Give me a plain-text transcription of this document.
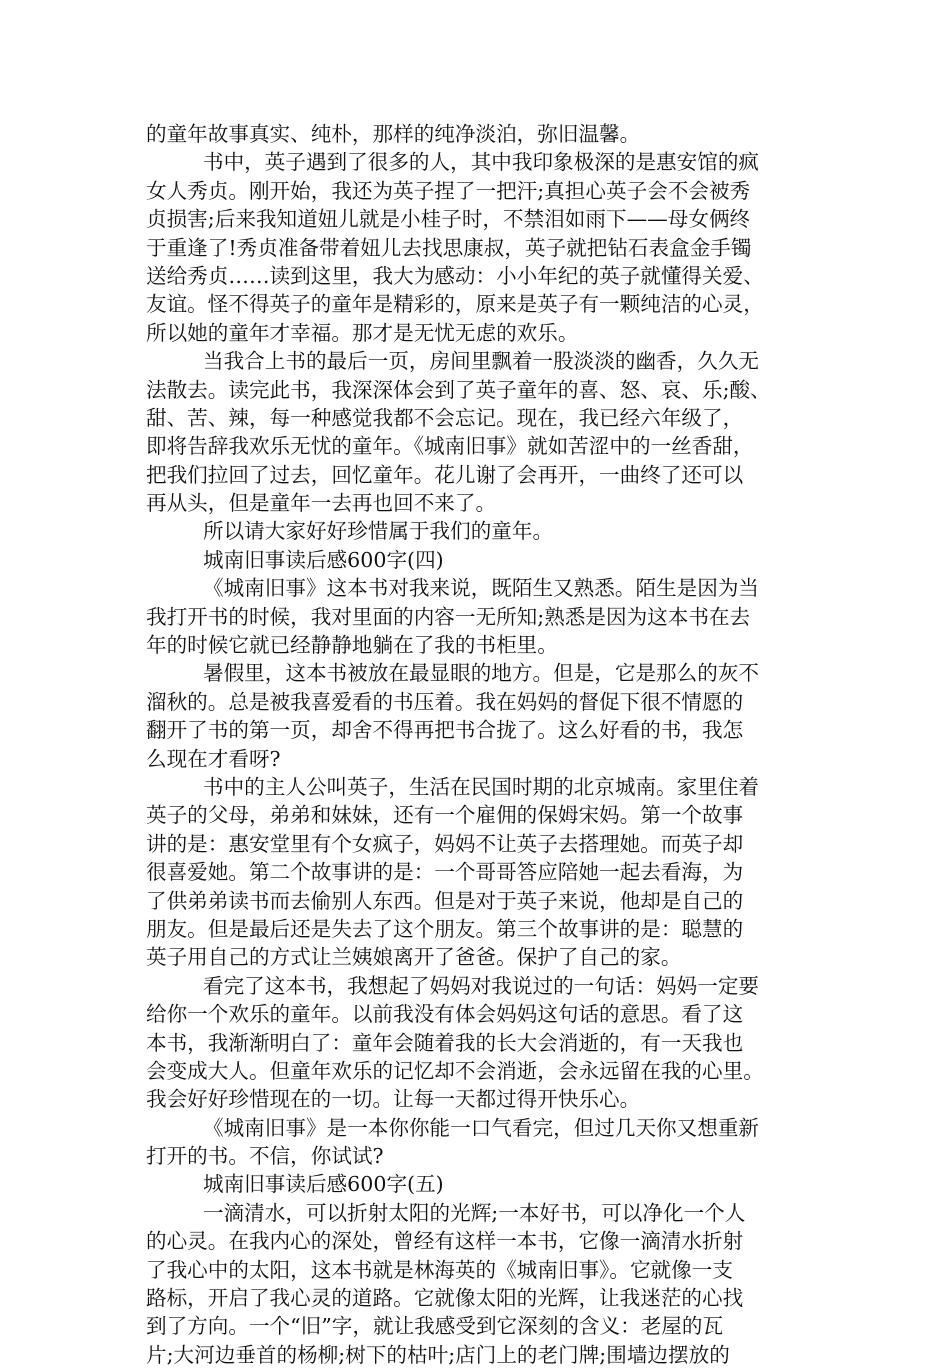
的童年故事真实、纯朴，那样的纯净淡泊，弥旧温馨。
书中，英子遇到了很多的人，其中我印象极深的是惠安馆的疯
女人秀贞。刚开始，我还为英子捏了一把汗;真担心英子会不会被秀
贞损害;后来我知道妞儿就是小桂子时，不禁泪如雨下——母女俩终
于重逢了!秀贞准备带着妞儿去找思康叔，英子就把钻石表盒金手镯
送给秀贞……读到这里，我大为感动：小小年纪的英子就懂得关爱、
友谊。怪不得英子的童年是精彩的，原来是英子有一颗纯洁的心灵，
所以她的童年才幸福。那才是无忧无虑的欢乐。
当我合上书的最后一页，房间里飘着一股淡淡的幽香，久久无
法散去。读完此书，我深深体会到了英子童年的喜、怒、哀、乐;酸、
甜、苦、辣，每一种感觉我都不会忘记。现在，我已经六年级了，
即将告辞我欢乐无忧的童年。《城南旧事》就如苦涩中的一丝香甜，
把我们拉回了过去，回忆童年。花儿谢了会再开，一曲终了还可以
再从头，但是童年一去再也回不来了。
所以请大家好好珍惜属于我们的童年。
城南旧事读后感600字(四)
《城南旧事》这本书对我来说，既陌生又熟悉。陌生是因为当
我打开书的时候，我对里面的内容一无所知;熟悉是因为这本书在去
年的时候它就已经静静地躺在了我的书柜里。
暑假里，这本书被放在最显眼的地方。但是，它是那么的灰不
溜秋的。总是被我喜爱看的书压着。我在妈妈的督促下很不情愿的
翻开了书的第一页，却舍不得再把书合拢了。这么好看的书，我怎
么现在才看呀?
书中的主人公叫英子，生活在民国时期的北京城南。家里住着
英子的父母，弟弟和妹妹，还有一个雇佣的保姆宋妈。第一个故事
讲的是：惠安堂里有个女疯子，妈妈不让英子去搭理她。而英子却
很喜爱她。第二个故事讲的是：一个哥哥答应陪她一起去看海，为
了供弟弟读书而去偷别人东西。但是对于英子来说，他却是自己的
朋友。但是最后还是失去了这个朋友。第三个故事讲的是：聪慧的
英子用自己的方式让兰姨娘离开了爸爸。保护了自己的家。
看完了这本书，我想起了妈妈对我说过的一句话：妈妈一定要
给你一个欢乐的童年。以前我没有体会妈妈这句话的意思。看了这
本书，我渐渐明白了：童年会随着我的长大会消逝的，有一天我也
会变成大人。但童年欢乐的记忆却不会消逝，会永远留在我的心里。
我会好好珍惜现在的一切。让每一天都过得开快乐心。
《城南旧事》是一本你你能一口气看完，但过几天你又想重新
打开的书。不信，你试试?
城南旧事读后感600字(五)
一滴清水，可以折射太阳的光辉;一本好书，可以净化一个人
的心灵。在我内心的深处，曾经有这样一本书，它像一滴清水折射
了我心中的太阳，这本书就是林海英的《城南旧事》。它就像一支
路标，开启了我心灵的道路。它就像太阳的光辉，让我迷茫的心找
到了方向。一个“旧”字，就让我感受到它深刻的含义：老屋的瓦
片;大河边垂首的杨柳;树下的枯叶;店门上的老门牌;围墙边摆放的
